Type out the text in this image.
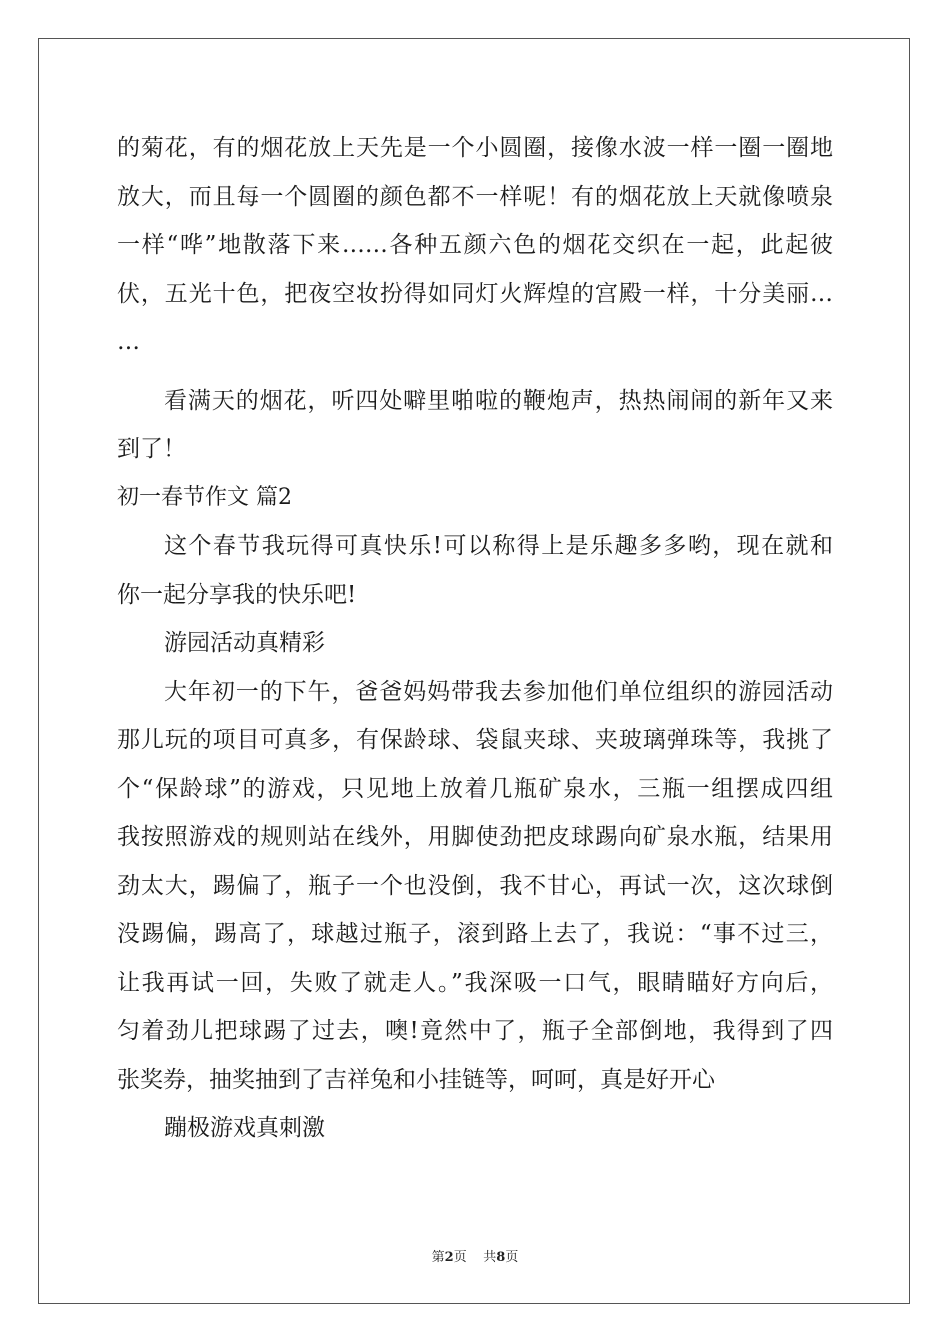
的菊花，有的烟花放上天先是一个小圆圈，接像水波一样一圈一圈地
放大，而且每一个圆圈的颜色都不一样呢！有的烟花放上天就像喷泉
一样“哗”地散落下来……各种五颜六色的烟花交织在一起，此起彼
伏，五光十色，把夜空妆扮得如同灯火辉煌的宫殿一样，十分美丽…
…
看满天的烟花，听四处噼里啪啦的鞭炮声，热热闹闹的新年又来
到了！
初一春节作文 篇2
这个春节我玩得可真快乐!可以称得上是乐趣多多哟，现在就和
你一起分享我的快乐吧!
游园活动真精彩
大年初一的下午，爸爸妈妈带我去参加他们单位组织的游园活动
那儿玩的项目可真多，有保龄球、袋鼠夹球、夹玻璃弹珠等，我挑了
个“保龄球”的游戏，只见地上放着几瓶矿泉水，三瓶一组摆成四组
我按照游戏的规则站在线外，用脚使劲把皮球踢向矿泉水瓶，结果用
劲太大，踢偏了，瓶子一个也没倒，我不甘心，再试一次，这次球倒
没踢偏，踢高了，球越过瓶子，滚到路上去了，我说：“事不过三，
让我再试一回，失败了就走人。”我深吸一口气，眼睛瞄好方向后，
匀着劲儿把球踢了过去，噢!竟然中了，瓶子全部倒地，我得到了四
张奖券，抽奖抽到了吉祥兔和小挂链等，呵呵，真是好开心
蹦极游戏真刺激
第2页 共8页
